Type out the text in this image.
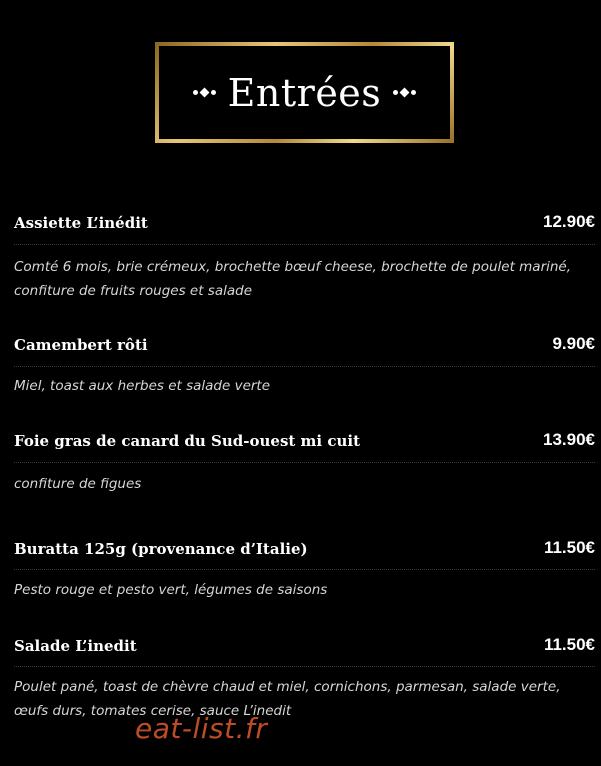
Entrées
Assiette L’inédit	12.90€
Comté 6 mois, brie crémeux, brochette bœuf cheese, brochette de poulet mariné, confiture de fruits rouges et salade
Camembert rôti	9.90€
Miel, toast aux herbes et salade verte
Foie gras de canard du Sud-ouest mi cuit	13.90€
confiture de figues
Buratta 125g (provenance d’Italie)	11.50€
Pesto rouge et pesto vert, légumes de saisons
Salade L’inedit	11.50€
Poulet pané, toast de chèvre chaud et miel, cornichons, parmesan, salade verte, œufs durs, tomates cerise, sauce L’inedit
eat-list.fr
